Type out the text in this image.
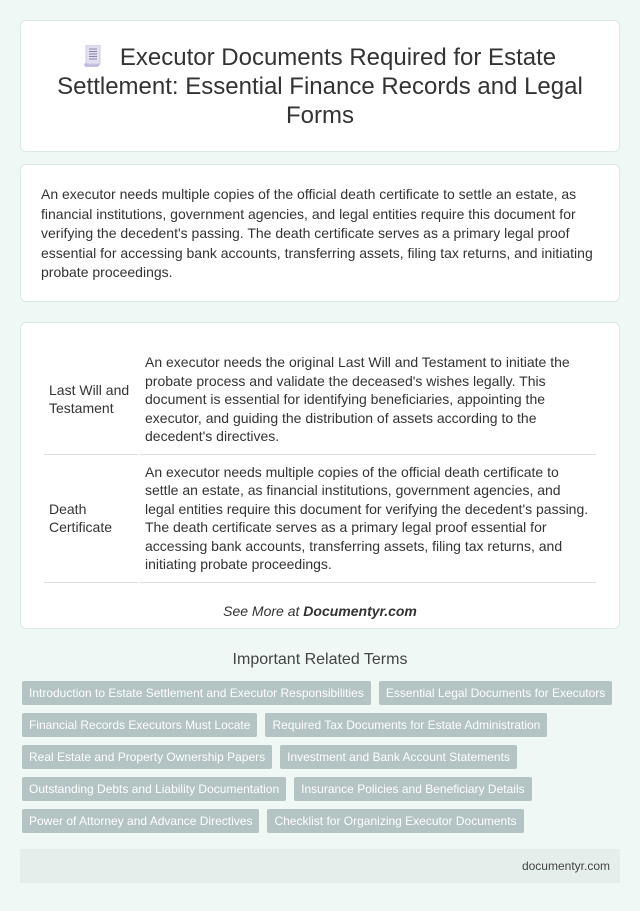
Executor Documents Required for Estate Settlement: Essential Finance Records and Legal Forms

An executor needs multiple copies of the official death certificate to settle an estate, as financial institutions, government agencies, and legal entities require this document for verifying the decedent's passing. The death certificate serves as a primary legal proof essential for accessing bank accounts, transferring assets, filing tax returns, and initiating probate proceedings.

Last Will and Testament	An executor needs the original Last Will and Testament to initiate the probate process and validate the deceased's wishes legally. This document is essential for identifying beneficiaries, appointing the executor, and guiding the distribution of assets according to the decedent's directives.
Death Certificate	An executor needs multiple copies of the official death certificate to settle an estate, as financial institutions, government agencies, and legal entities require this document for verifying the decedent's passing. The death certificate serves as a primary legal proof essential for accessing bank accounts, transferring assets, filing tax returns, and initiating probate proceedings.
See More at Documentyr.com
Important Related Terms
Introduction to Estate Settlement and Executor Responsibilities	Essential Legal Documents for Executors
Financial Records Executors Must Locate	Required Tax Documents for Estate Administration
Real Estate and Property Ownership Papers	Investment and Bank Account Statements
Outstanding Debts and Liability Documentation	Insurance Policies and Beneficiary Details
Power of Attorney and Advance Directives	Checklist for Organizing Executor Documents
documentyr.com
